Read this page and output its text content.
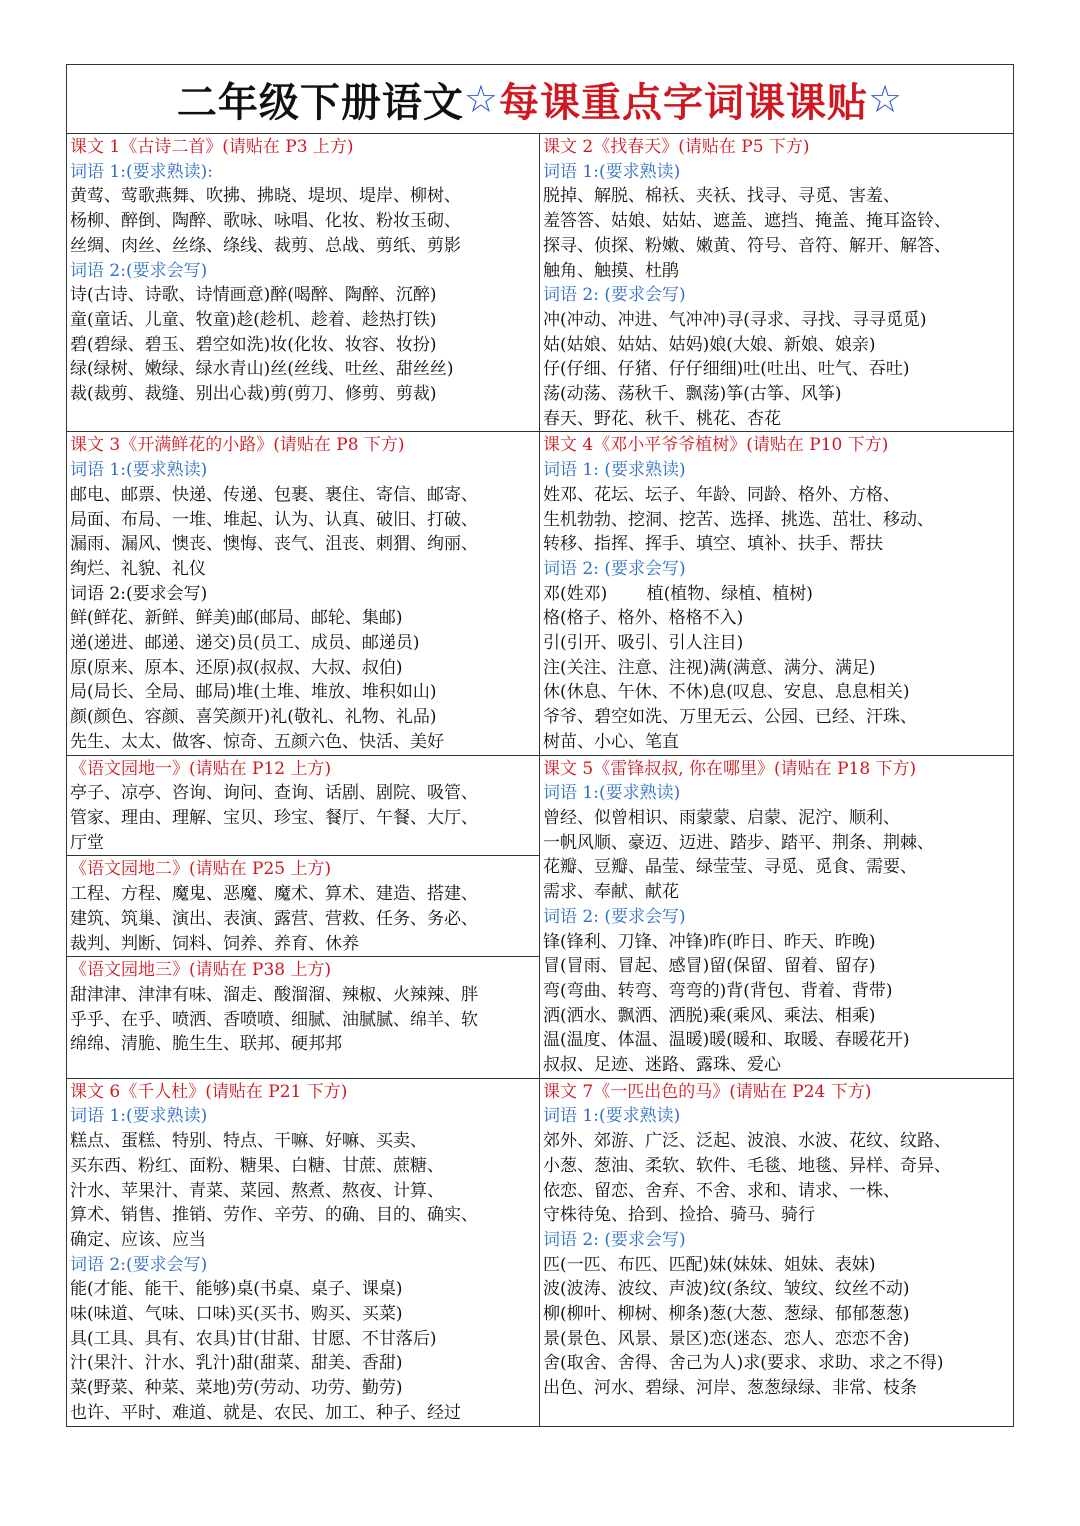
二年级下册语文 ☆ 每课重点字词课课贴 ☆
课文 1《古诗二首》(请贴在 P3 上方)
词语 1:(要求熟读):
黄莺、莺歌燕舞、吹拂、拂晓、堤坝、堤岸、柳树、
杨柳、醉倒、陶醉、歌咏、咏唱、化妆、粉妆玉砌、
丝绸、肉丝、丝绦、绦线、裁剪、总战、剪纸、剪影
词语 2:(要求会写)
诗(古诗、诗歌、诗情画意)醉(喝醉、陶醉、沉醉)
童(童话、儿童、牧童)趁(趁机、趁着、趁热打铁)
碧(碧绿、碧玉、碧空如洗)妆(化妆、妆容、妆扮)
绿(绿树、嫩绿、绿水青山)丝(丝线、吐丝、甜丝丝)
裁(裁剪、裁缝、别出心裁)剪(剪刀、修剪、剪裁)
课文 2《找春天》(请贴在 P5 下方)
词语 1:(要求熟读)
脱掉、解脱、棉袄、夹袄、找寻、寻觅、害羞、
羞答答、姑娘、姑姑、遮盖、遮挡、掩盖、掩耳盗铃、
探寻、侦探、粉嫩、嫩黄、符号、音符、解开、解答、
触角、触摸、杜鹃
词语 2: (要求会写)
冲(冲动、冲进、气冲冲)寻(寻求、寻找、寻寻觅觅)
姑(姑娘、姑姑、姑妈)娘(大娘、新娘、娘亲)
仔(仔细、仔猪、仔仔细细)吐(吐出、吐气、吞吐)
荡(动荡、荡秋千、飘荡)筝(古筝、风筝)
春天、野花、秋千、桃花、杏花
课文 3《开满鲜花的小路》(请贴在 P8 下方)
词语 1:(要求熟读)
邮电、邮票、快递、传递、包裹、裹住、寄信、邮寄、
局面、布局、一堆、堆起、认为、认真、破旧、打破、
漏雨、漏风、懊丧、懊悔、丧气、沮丧、刺猬、绚丽、
绚烂、礼貌、礼仪
词语 2:(要求会写)
鲜(鲜花、新鲜、鲜美)邮(邮局、邮轮、集邮)
递(递进、邮递、递交)员(员工、成员、邮递员)
原(原来、原本、还原)叔(叔叔、大叔、叔伯)
局(局长、全局、邮局)堆(土堆、堆放、堆积如山)
颜(颜色、容颜、喜笑颜开)礼(敬礼、礼物、礼品)
先生、太太、做客、惊奇、五颜六色、快活、美好
课文 4《邓小平爷爷植树》(请贴在 P10 下方)
词语 1: (要求熟读)
姓邓、花坛、坛子、年龄、同龄、格外、方格、
生机勃勃、挖洞、挖苦、选择、挑选、茁壮、移动、
转移、指挥、挥手、填空、填补、扶手、帮扶
词语 2: (要求会写)
邓(姓邓)　　 植(植物、绿植、植树)
格(格子、格外、格格不入)
引(引开、吸引、引人注目)
注(关注、注意、注视)满(满意、满分、满足)
休(休息、午休、不休)息(叹息、安息、息息相关)
爷爷、碧空如洗、万里无云、公园、已经、汗珠、
树苗、小心、笔直
《语文园地一》(请贴在 P12 上方)
亭子、凉亭、咨询、询问、查询、话剧、剧院、吸管、
管家、理由、理解、宝贝、珍宝、餐厅、午餐、大厅、
厅堂
《语文园地二》(请贴在 P25 上方)
工程、方程、魔鬼、恶魔、魔术、算术、建造、搭建、
建筑、筑巢、演出、表演、露营、营救、任务、务必、
裁判、判断、饲料、饲养、养育、休养
《语文园地三》(请贴在 P38 上方)
甜津津、津津有味、溜走、酸溜溜、辣椒、火辣辣、胖
乎乎、在乎、喷洒、香喷喷、细腻、油腻腻、绵羊、软
绵绵、清脆、脆生生、联邦、硬邦邦
课文 5《雷锋叔叔, 你在哪里》(请贴在 P18 下方)
词语 1:(要求熟读)
曾经、似曾相识、雨蒙蒙、启蒙、泥泞、顺利、
一帆风顺、豪迈、迈进、踏步、踏平、荆条、荆棘、
花瓣、豆瓣、晶莹、绿莹莹、寻觅、觅食、需要、
需求、奉献、献花
词语 2: (要求会写)
锋(锋利、刀锋、冲锋)昨(昨日、昨天、昨晚)
冒(冒雨、冒起、感冒)留(保留、留着、留存)
弯(弯曲、转弯、弯弯的)背(背包、背着、背带)
洒(洒水、飘洒、洒脱)乘(乘风、乘法、相乘)
温(温度、体温、温暖)暖(暖和、取暖、春暖花开)
叔叔、足迹、迷路、露珠、爱心
课文 6《千人杜》(请贴在 P21 下方)
词语 1:(要求熟读)
糕点、蛋糕、特别、特点、干嘛、好嘛、买卖、
买东西、粉红、面粉、糖果、白糖、甘蔗、蔗糖、
汁水、苹果汁、青菜、菜园、熬煮、熬夜、计算、
算术、销售、推销、劳作、辛劳、的确、目的、确实、
确定、应该、应当
词语 2:(要求会写)
能(才能、能干、能够)桌(书桌、桌子、课桌)
味(味道、气味、口味)买(买书、购买、买菜)
具(工具、具有、农具)甘(甘甜、甘愿、不甘落后)
汁(果汁、汁水、乳汁)甜(甜菜、甜美、香甜)
菜(野菜、种菜、菜地)劳(劳动、功劳、勤劳)
也许、平时、难道、就是、农民、加工、种子、经过
课文 7《一匹出色的马》(请贴在 P24 下方)
词语 1:(要求熟读)
郊外、郊游、广泛、泛起、波浪、水波、花纹、纹路、
小葱、葱油、柔软、软件、毛毯、地毯、异样、奇异、
依恋、留恋、舍弃、不舍、求和、请求、一株、
守株待兔、拾到、捡拾、骑马、骑行
词语 2: (要求会写)
匹(一匹、布匹、匹配)妹(妹妹、姐妹、表妹)
波(波涛、波纹、声波)纹(条纹、皱纹、纹丝不动)
柳(柳叶、柳树、柳条)葱(大葱、葱绿、郁郁葱葱)
景(景色、风景、景区)恋(迷态、恋人、恋恋不舍)
舍(取舍、舍得、舍己为人)求(要求、求助、求之不得)
出色、河水、碧绿、河岸、葱葱绿绿、非常、枝条
